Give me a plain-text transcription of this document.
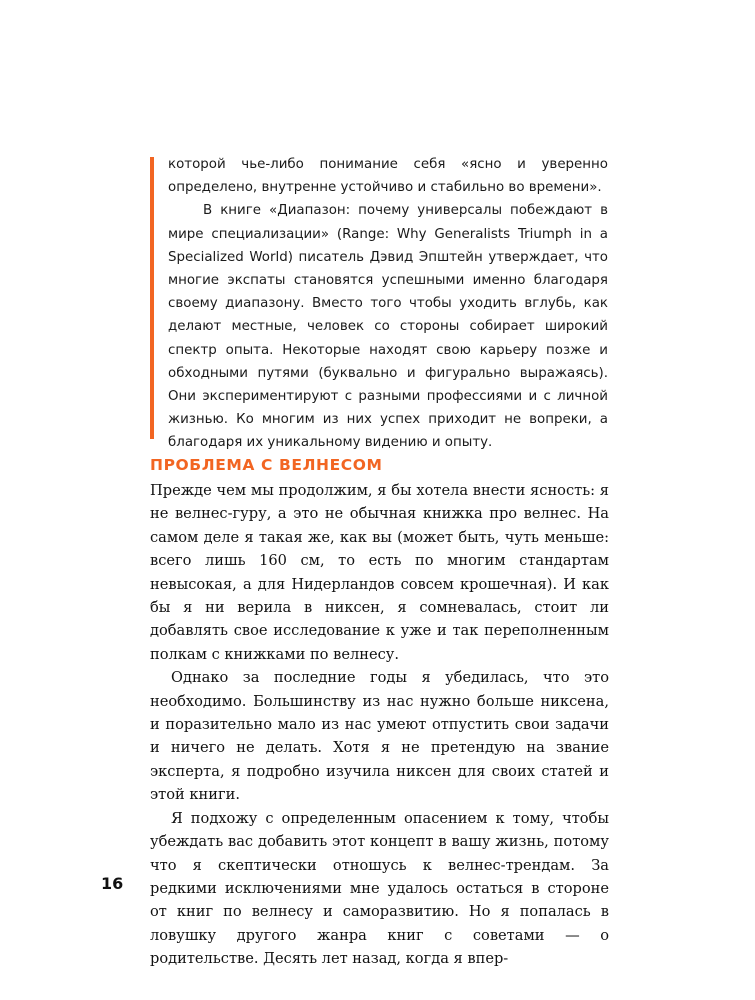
которой чье-либо понимание себя «ясно и уверенно определено, внутренне устойчиво и стабильно во времени».

В книге «Диапазон: почему универсалы побеждают в мире специализации» (Range: Why Generalists Triumph in a Specialized World) писатель Дэвид Эпштейн утверждает, что многие экспаты становятся успешными именно благодаря своему диапазону. Вместо того чтобы уходить вглубь, как делают местные, человек со стороны собирает широкий спектр опыта. Некоторые находят свою карьеру позже и обходными путями (буквально и фигурально выражаясь). Они экспериментируют с разными профессиями и с личной жизнью. Ко многим из них успех приходит не вопреки, а благодаря их уникальному видению и опыту.

ПРОБЛЕМА С ВЕЛНЕСОМ

Прежде чем мы продолжим, я бы хотела внести ясность: я не велнес-гуру, а это не обычная книжка про велнес. На самом деле я такая же, как вы (может быть, чуть меньше: всего лишь 160 см, то есть по многим стандартам невысокая, а для Нидерландов совсем крошечная). И как бы я ни верила в никсен, я сомневалась, стоит ли добавлять свое исследование к уже и так переполненным полкам с книжками по велнесу.

Однако за последние годы я убедилась, что это необходимо. Большинству из нас нужно больше никсена, и поразительно мало из нас умеют отпустить свои задачи и ничего не делать. Хотя я не претендую на звание эксперта, я подробно изучила никсен для своих статей и этой книги.

Я подхожу с определенным опасением к тому, чтобы убеждать вас добавить этот концепт в вашу жизнь, потому что я скептически отношусь к велнес-трендам. За редкими исключениями мне удалось остаться в стороне от книг по велнесу и саморазвитию. Но я попалась в ловушку другого жанра книг с советами — о родительстве. Десять лет назад, когда я впер-

16
